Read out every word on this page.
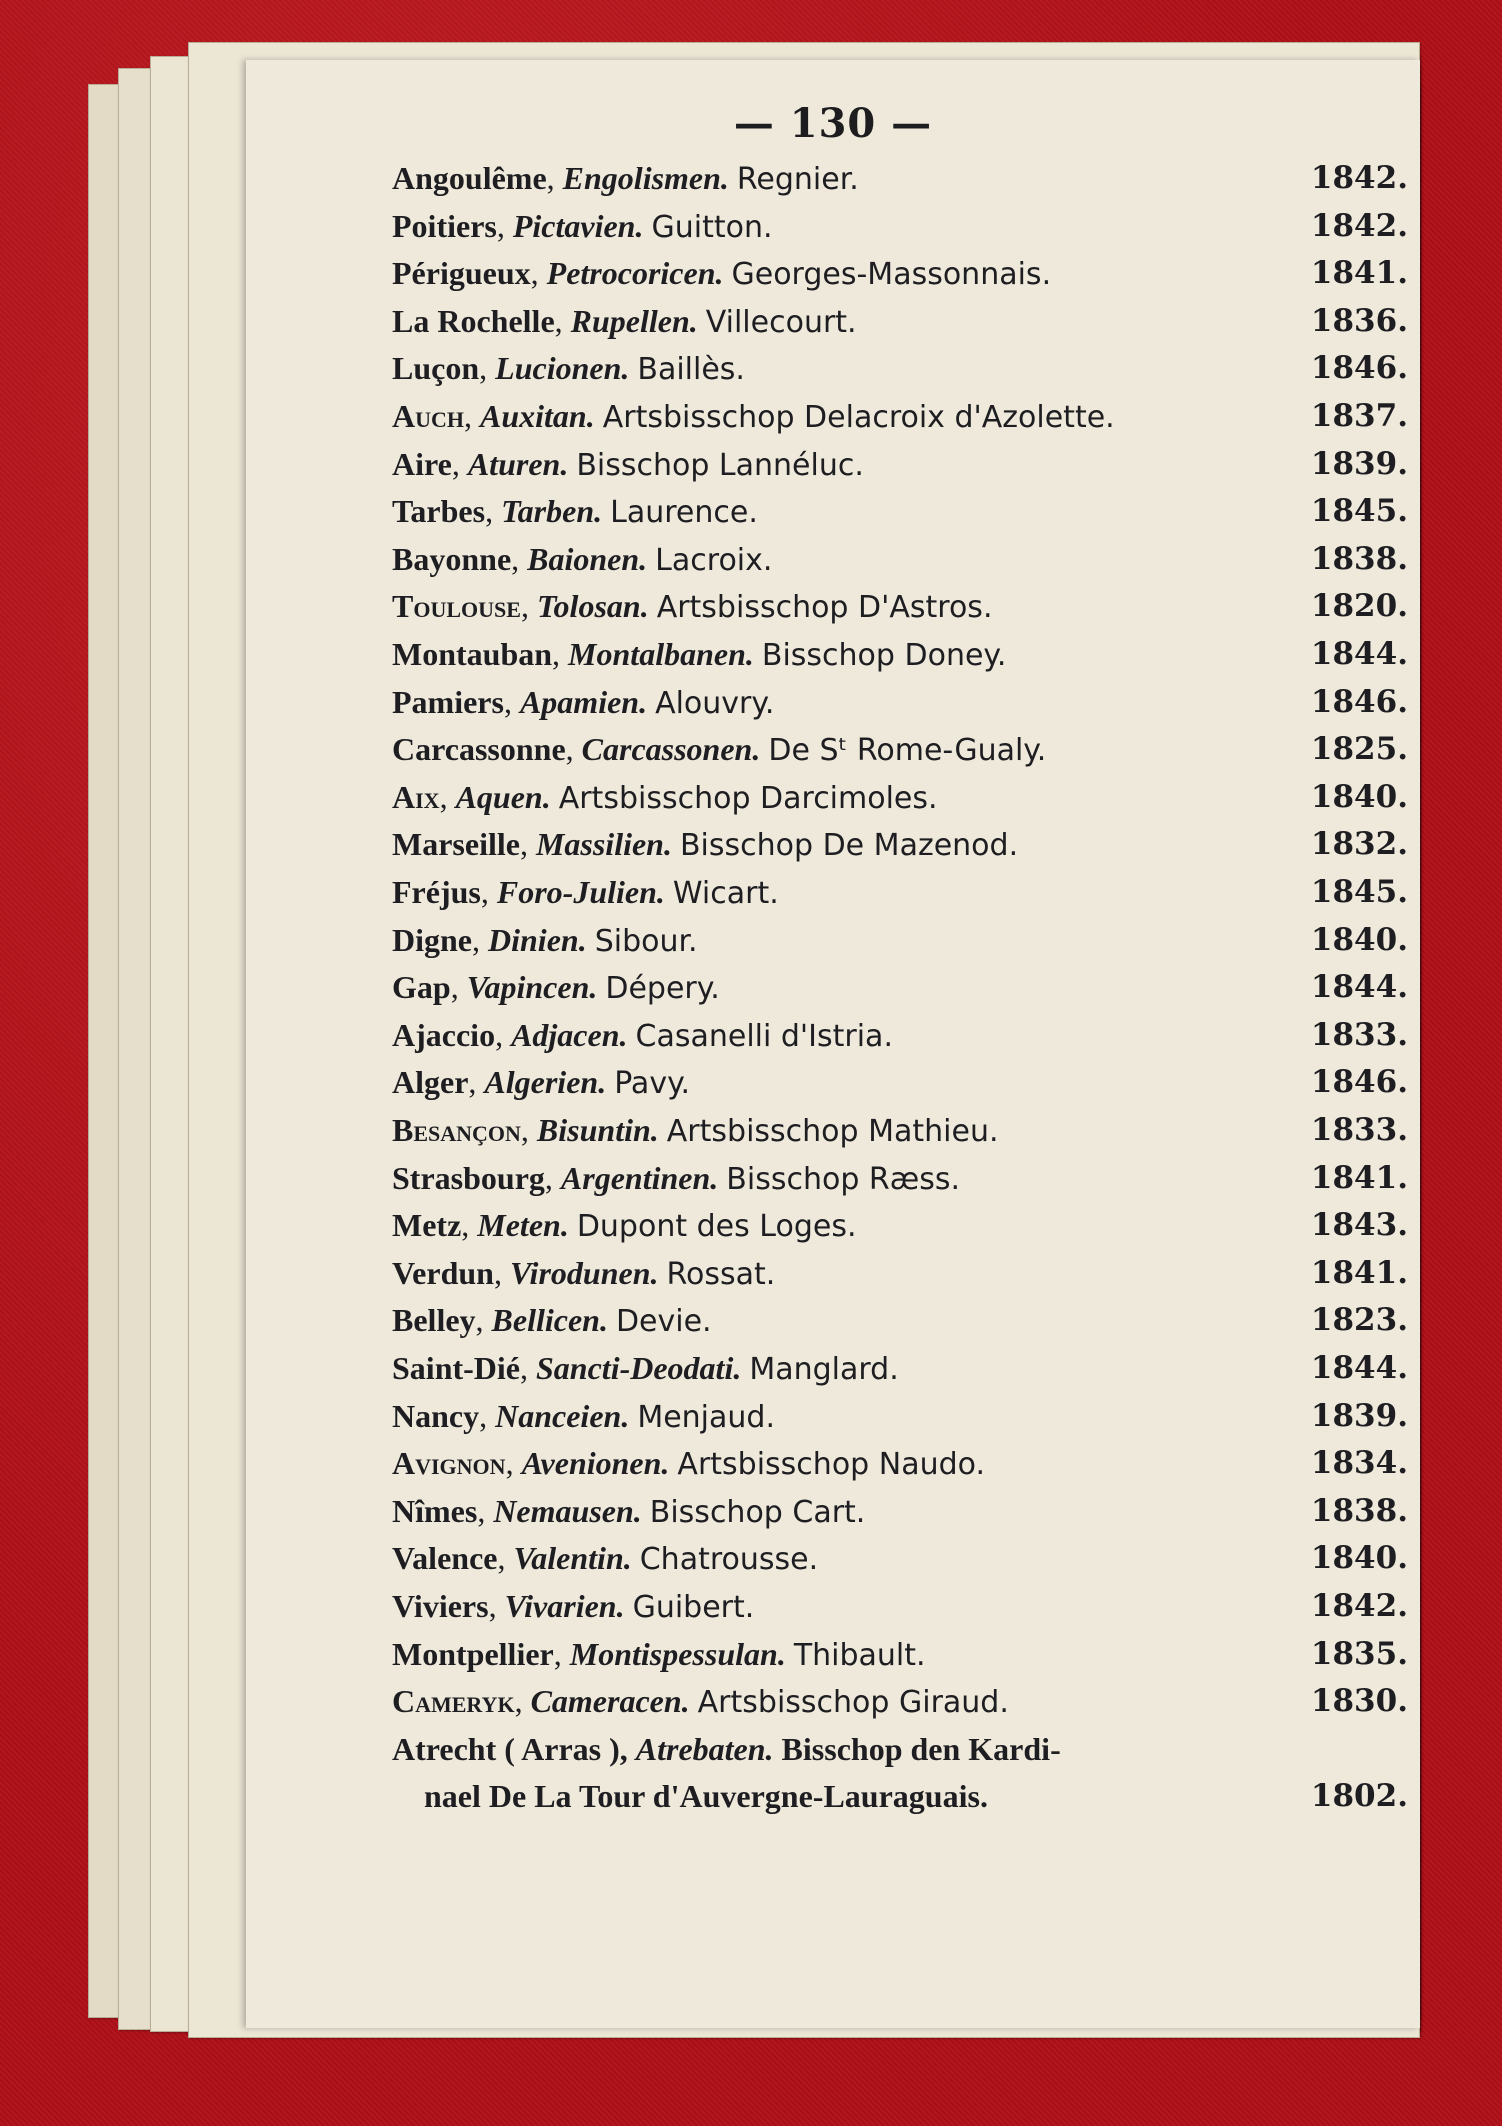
— 130 —
Angoulême, Engolismen. Regnier.	1842.
Poitiers, Pictavien. Guitton.	1842.
Périgueux, Petrocoricen. Georges-Massonnais.	1841.
La Rochelle, Rupellen. Villecourt.	1836.
Luçon, Lucionen. Baillès.	1846.
Auch, Auxitan. Artsbisschop Delacroix d'Azolette.	1837.
Aire, Aturen. Bisschop Lannéluc.	1839.
Tarbes, Tarben. Laurence.	1845.
Bayonne, Baionen. Lacroix.	1838.
Toulouse, Tolosan. Artsbisschop D'Astros.	1820.
Montauban, Montalbanen. Bisschop Doney.	1844.
Pamiers, Apamien. Alouvry.	1846.
Carcassonne, Carcassonen. De Sᵗ Rome-Gualy.	1825.
Aix, Aquen. Artsbisschop Darcimoles.	1840.
Marseille, Massilien. Bisschop De Mazenod.	1832.
Fréjus, Foro-Julien. Wicart.	1845.
Digne, Dinien. Sibour.	1840.
Gap, Vapincen. Dépery.	1844.
Ajaccio, Adjacen. Casanelli d'Istria.	1833.
Alger, Algerien. Pavy.	1846.
Besançon, Bisuntin. Artsbisschop Mathieu.	1833.
Strasbourg, Argentinen. Bisschop Ræss.	1841.
Metz, Meten. Dupont des Loges.	1843.
Verdun, Virodunen. Rossat.	1841.
Belley, Bellicen. Devie.	1823.
Saint-Dié, Sancti-Deodati. Manglard.	1844.
Nancy, Nanceien. Menjaud.	1839.
Avignon, Avenionen. Artsbisschop Naudo.	1834.
Nîmes, Nemausen. Bisschop Cart.	1838.
Valence, Valentin. Chatrousse.	1840.
Viviers, Vivarien. Guibert.	1842.
Montpellier, Montispessulan. Thibault.	1835.
Cameryk, Cameracen. Artsbisschop Giraud.	1830.
Atrecht ( Arras ), Atrebaten. Bisschop den Kardi-
nael De La Tour d'Auvergne-Lauraguais.	1802.
